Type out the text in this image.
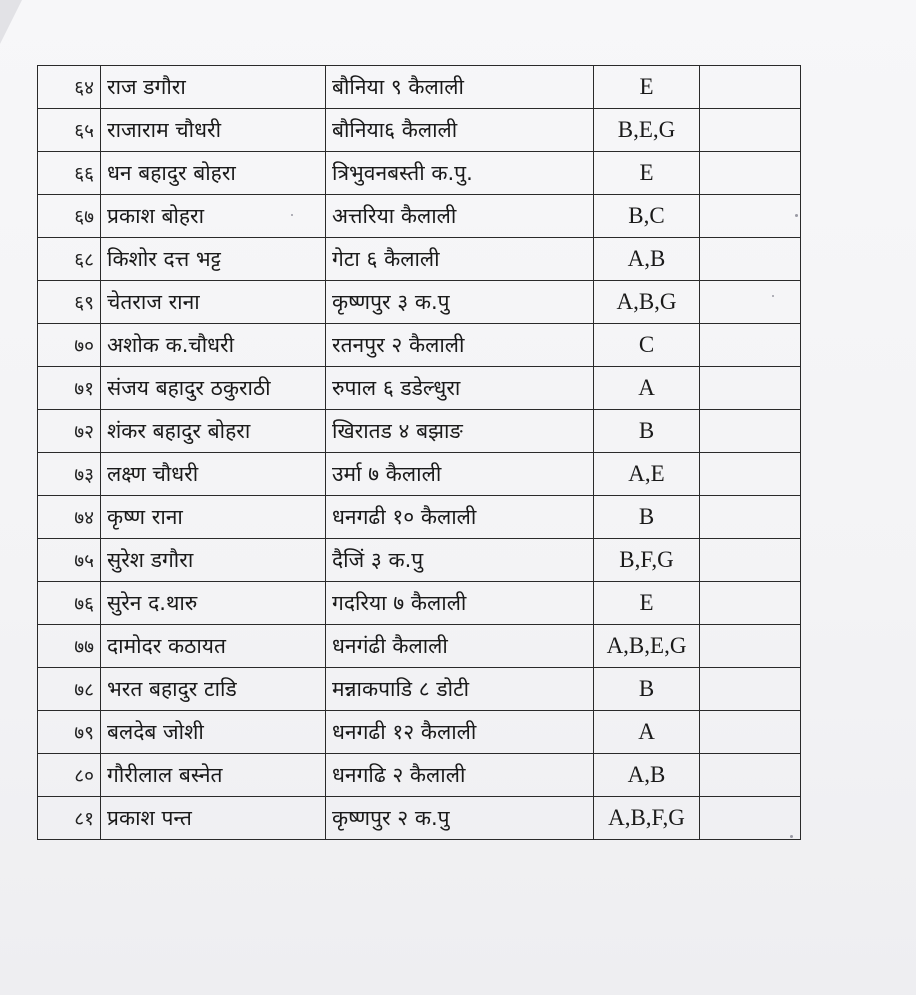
६४	राज डगौरा	बौनिया ९ कैलाली	E	
६५	राजाराम चौधरी	बौनिया६ कैलाली	B,E,G	
६६	धन बहादुर बोहरा	त्रिभुवनबस्ती क.पु.	E	
६७	प्रकाश बोहरा	अत्तरिया कैलाली	B,C	
६८	किशोर दत्त भट्ट	गेटा ६ कैलाली	A,B	
६९	चेतराज राना	कृष्णपुर ३ क.पु	A,B,G	
७०	अशोक क.चौधरी	रतनपुर २ कैलाली	C	
७१	संजय बहादुर ठकुराठी	रुपाल ६ डडेल्धुरा	A	
७२	शंकर बहादुर बोहरा	खिरातड ४ बझाङ	B	
७३	लक्ष्ण चौधरी	उर्मा ७ कैलाली	A,E	
७४	कृष्ण राना	धनगढी १० कैलाली	B	
७५	सुरेश डगौरा	दैजिं ३ क.पु	B,F,G	
७६	सुरेन द.थारु	गदरिया ७ कैलाली	E	
७७	दामोदर कठायत	धनगंढी कैलाली	A,B,E,G	
७८	भरत बहादुर टाडि	मन्नाकपाडि ८ डोटी	B	
७९	बलदेब जोशी	धनगढी १२ कैलाली	A	
८०	गौरीलाल बस्नेत	धनगढि २ कैलाली	A,B	
८१	प्रकाश पन्त	कृष्णपुर २ क.पु	A,B,F,G	
